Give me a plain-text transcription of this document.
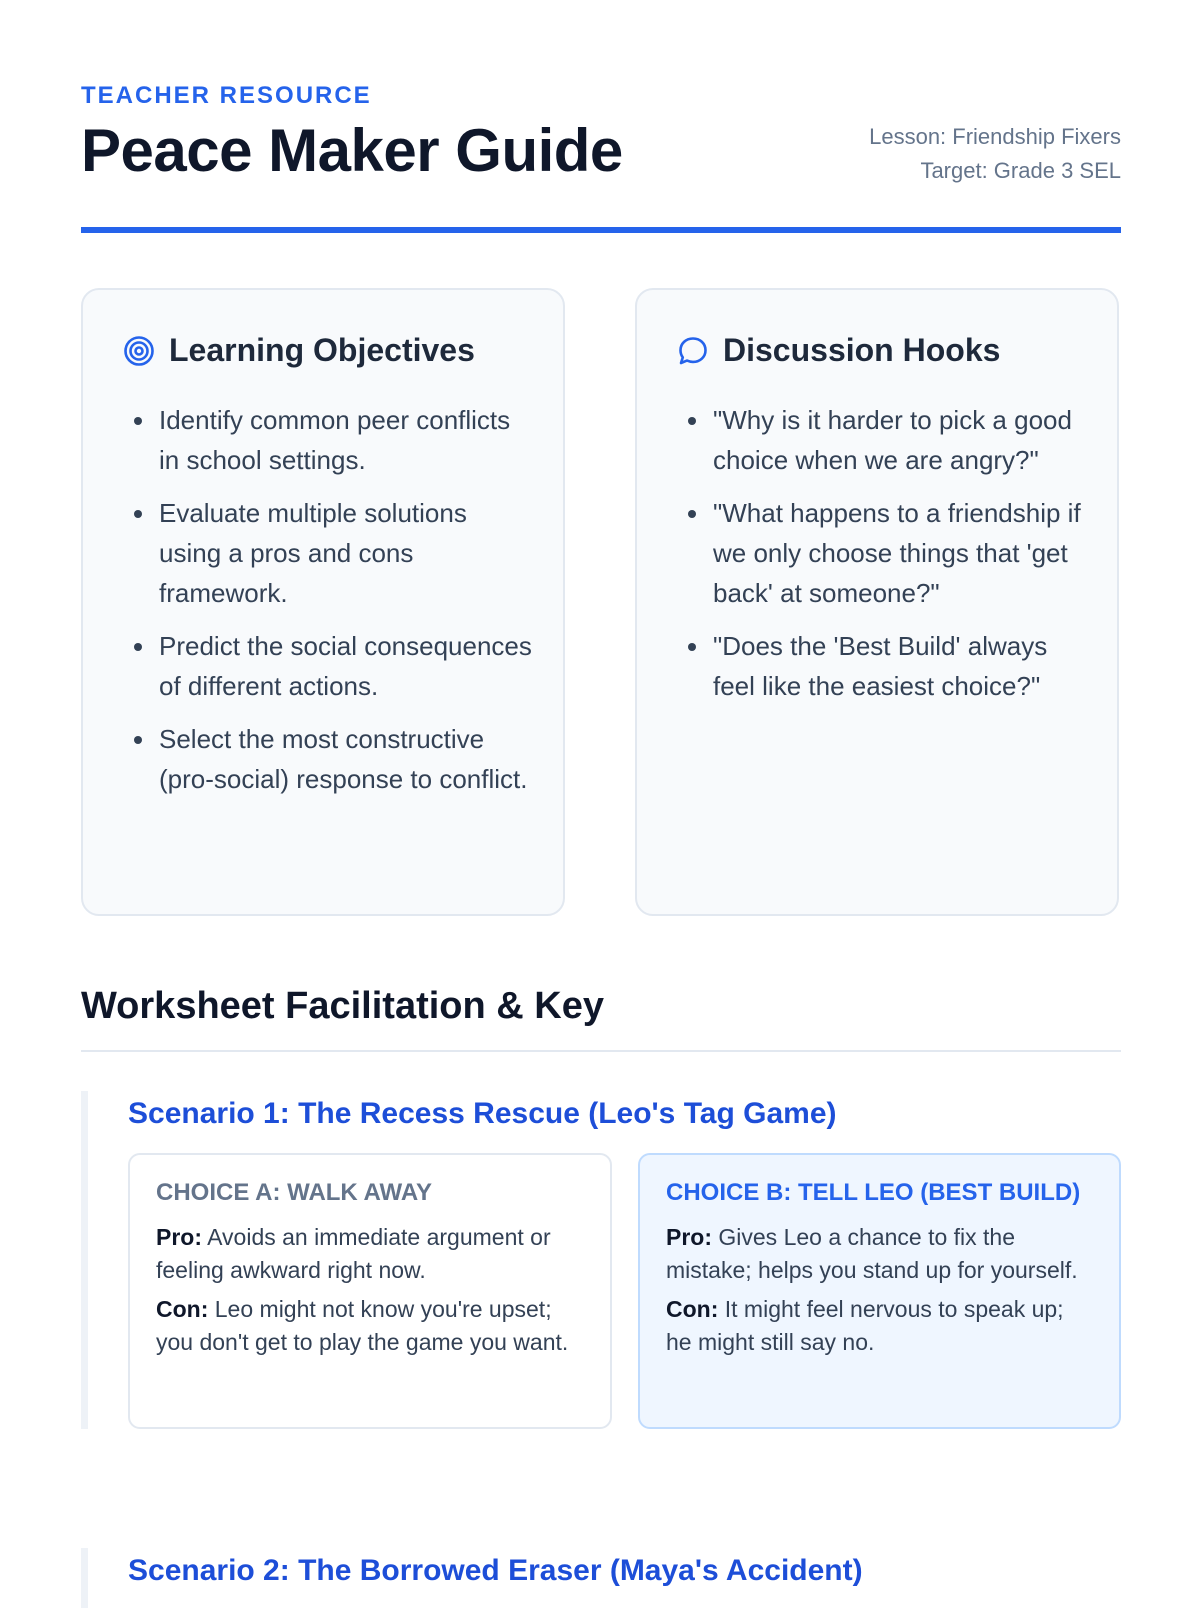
TEACHER RESOURCE
Peace Maker Guide	Lesson: Friendship Fixers
Target: Grade 3 SEL
Learning Objectives
• Identify common peer conflicts in school settings.
• Evaluate multiple solutions using a pros and cons framework.
• Predict the social consequences of different actions.
• Select the most constructive (pro-social) response to conflict.
Discussion Hooks
• "Why is it harder to pick a good choice when we are angry?"
• "What happens to a friendship if we only choose things that 'get back' at someone?"
• "Does the 'Best Build' always feel like the easiest choice?"
Worksheet Facilitation & Key
Scenario 1: The Recess Rescue (Leo's Tag Game)
CHOICE A: WALK AWAY

Pro: Avoids an immediate argument or feeling awkward right now.

Con: Leo might not know you're upset; you don't get to play the game you want.

CHOICE B: TELL LEO (BEST BUILD)

Pro: Gives Leo a chance to fix the mistake; helps you stand up for yourself.

Con: It might feel nervous to speak up; he might still say no.

Scenario 2: The Borrowed Eraser (Maya's Accident)
